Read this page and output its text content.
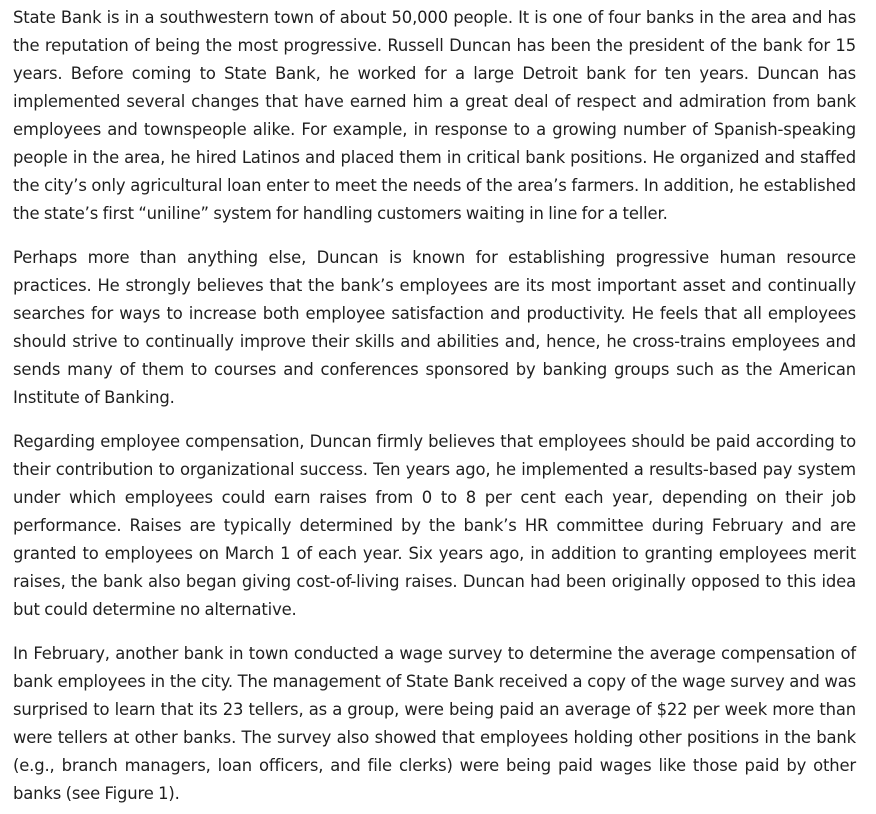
State Bank is in a southwestern town of about 50,000 people. It is one of four banks in the area and has the reputation of being the most progressive. Russell Duncan has been the president of the bank for 15 years. Before coming to State Bank, he worked for a large Detroit bank for ten years. Duncan has implemented several changes that have earned him a great deal of respect and admiration from bank employees and townspeople alike. For example, in response to a growing number of Spanish-speaking people in the area, he hired Latinos and placed them in critical bank positions. He organized and staffed the city’s only agricultural loan enter to meet the needs of the area’s farmers. In addition, he established the state’s first “uniline” system for handling customers waiting in line for a teller.

Perhaps more than anything else, Duncan is known for establishing progressive human resource practices. He strongly believes that the bank’s employees are its most important asset and continually searches for ways to increase both employee satisfaction and productivity. He feels that all employees should strive to continually improve their skills and abilities and, hence, he cross-trains employees and sends many of them to courses and conferences sponsored by banking groups such as the American Institute of Banking.

Regarding employee compensation, Duncan firmly believes that employees should be paid according to their contribution to organizational success. Ten years ago, he implemented a results-based pay system under which employees could earn raises from 0 to 8 per cent each year, depending on their job performance. Raises are typically determined by the bank’s HR committee during February and are granted to employees on March 1 of each year. Six years ago, in addition to granting employees merit raises, the bank also began giving cost-of-living raises. Duncan had been originally opposed to this idea but could determine no alternative.

In February, another bank in town conducted a wage survey to determine the average compensation of bank employees in the city. The management of State Bank received a copy of the wage survey and was surprised to learn that its 23 tellers, as a group, were being paid an average of $22 per week more than were tellers at other banks. The survey also showed that employees holding other positions in the bank (e.g., branch managers, loan officers, and file clerks) were being paid wages like those paid by other banks (see Figure 1).
